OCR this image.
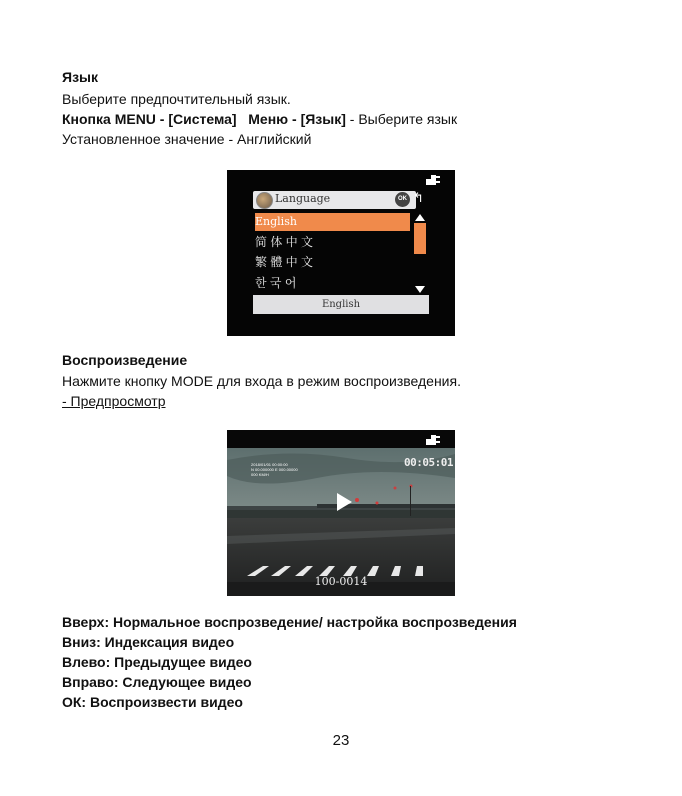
Язык
Выберите предпочтительный язык.
Кнопка MENU - [Система]   Меню - [Язык] - Выберите язык
Установленное значение - Английский
Language	OK ↰
English
简 体 中 文
繁 體 中 文
한 국 어
English
Воспроизведение
Нажмите кнопку MODE для входа в режим воспроизведения.
- Предпросмотр
2018/01/01 00:00:00
N 00.000000 E 000.00000
000 KM/H
00:05:01
100-0014
Вверх: Нормальное воспрозведение/ настройка воспрозведения
Вниз: Индексация видео
Влево: Предыдущее видео
Вправо: Следующее видео
ОК: Воспроизвести видео
23
